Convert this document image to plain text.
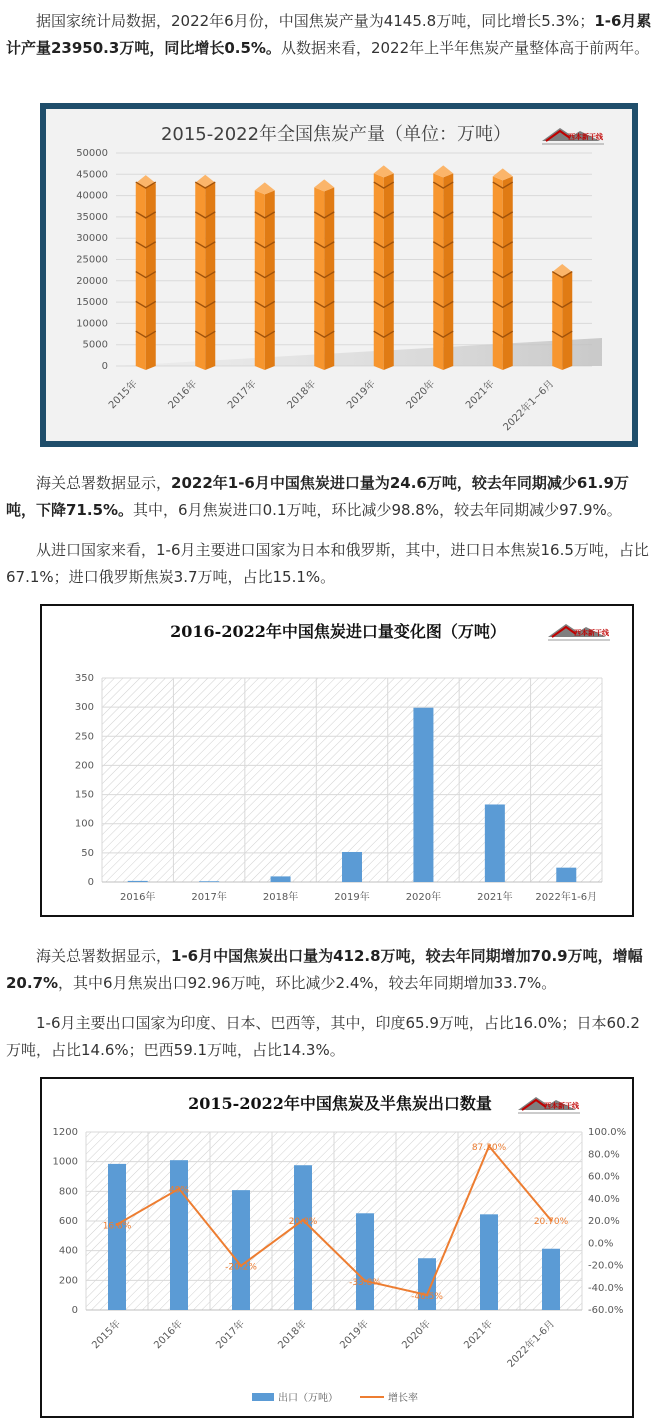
据国家统计局数据，2022年6月份，中国焦炭产量为4145.8万吨，同比增长5.3%；1-6月累计产量23950.3万吨，同比增长0.5%。从数据来看，2022年上半年焦炭产量整体高于前两年。

2015-2022年全国焦炭产量（单位：万吨）	西本新干线
0
5000
10000
15000
20000
25000
30000
35000
40000
45000
50000
2015年	2016年	2017年	2018年	2019年	2020年	2021年 2022年1~6月

海关总署数据显示，2022年1-6月中国焦炭进口量为24.6万吨，较去年同期减少61.9万吨，下降71.5%。其中，6月焦炭进口0.1万吨，环比减少98.8%，较去年同期减少97.9%。

从进口国家来看，1-6月主要进口国家为日本和俄罗斯，其中，进口日本焦炭16.5万吨，占比67.1%；进口俄罗斯焦炭3.7万吨，占比15.1%。

2016-2022年中国焦炭进口量变化图（万吨）	西本新干线
0
50
100
150
200
250
300
350
2016年	2017年	2018年	2019年	2020年	2021年 2022年1-6月

海关总署数据显示，1-6月中国焦炭出口量为412.8万吨，较去年同期增加70.9万吨，增幅20.7%，其中6月焦炭出口92.96万吨，环比减少2.4%，较去年同期增加33.7%。

1-6月主要出口国家为印度、日本、巴西等，其中，印度65.9万吨，占比16.0%；日本60.2万吨，占比14.6%；巴西59.1万吨，占比14.3%。

2015-2022年中国焦炭及半焦炭出口数量	西本新干线
0
200
400
600
800
1000
1200
-60.0%
-40.0%
-20.0%
0.0%
20.0%
40.0%
60.0%
80.0%
100.0%
2015年	2016年	2017年	2018年	2019年	2020年	2021年 2022年1-6月
16.8%
49%
-20.2%
20.8%
-33.8%
-46.5%
87.30%
20.70%
出口（万吨）	增长率
